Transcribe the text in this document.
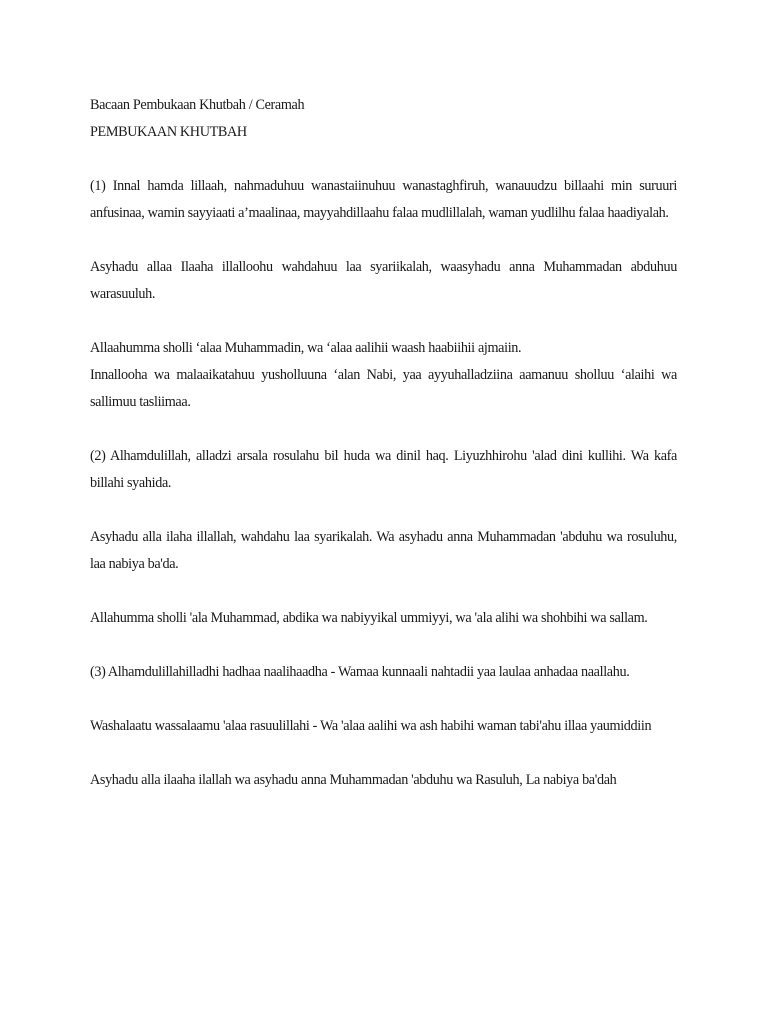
Bacaan Pembukaan Khutbah / Ceramah

PEMBUKAAN KHUTBAH

(1) Innal hamda lillaah, nahmaduhuu wanastaiinuhuu wanastaghfiruh, wanauudzu billaahi min suruuri anfusinaa, wamin sayyiaati a’maalinaa, mayyahdillaahu falaa mudlillalah, waman yudlilhu falaa haadiyalah.

Asyhadu allaa Ilaaha illalloohu wahdahuu laa syariikalah, waasyhadu anna Muhammadan abduhuu warasuuluh.

Allaahumma sholli ‘alaa Muhammadin, wa ‘alaa aalihii waash haabiihii ajmaiin.

Innallooha wa malaaikatahuu yusholluuna ‘alan Nabi, yaa ayyuhalladziina aamanuu sholluu ‘alaihi wa sallimuu tasliimaa.

(2) Alhamdulillah, alladzi arsala rosulahu bil huda wa dinil haq. Liyuzhhirohu 'alad dini kullihi. Wa kafa billahi syahida.

Asyhadu alla ilaha illallah, wahdahu laa syarikalah. Wa asyhadu anna Muhammadan 'abduhu wa rosuluhu, laa nabiya ba'da.

Allahumma sholli 'ala Muhammad, abdika wa nabiyyikal ummiyyi, wa 'ala alihi wa shohbihi wa sallam.

(3) Alhamdulillahilladhi hadhaa naalihaadha - Wamaa kunnaali nahtadii yaa laulaa anhadaa naallahu.

Washalaatu wassalaamu 'alaa rasuulillahi - Wa 'alaa aalihi wa ash habihi waman tabi'ahu illaa yaumiddiin

Asyhadu alla ilaaha ilallah wa asyhadu anna Muhammadan 'abduhu wa Rasuluh, La nabiya ba'dah
